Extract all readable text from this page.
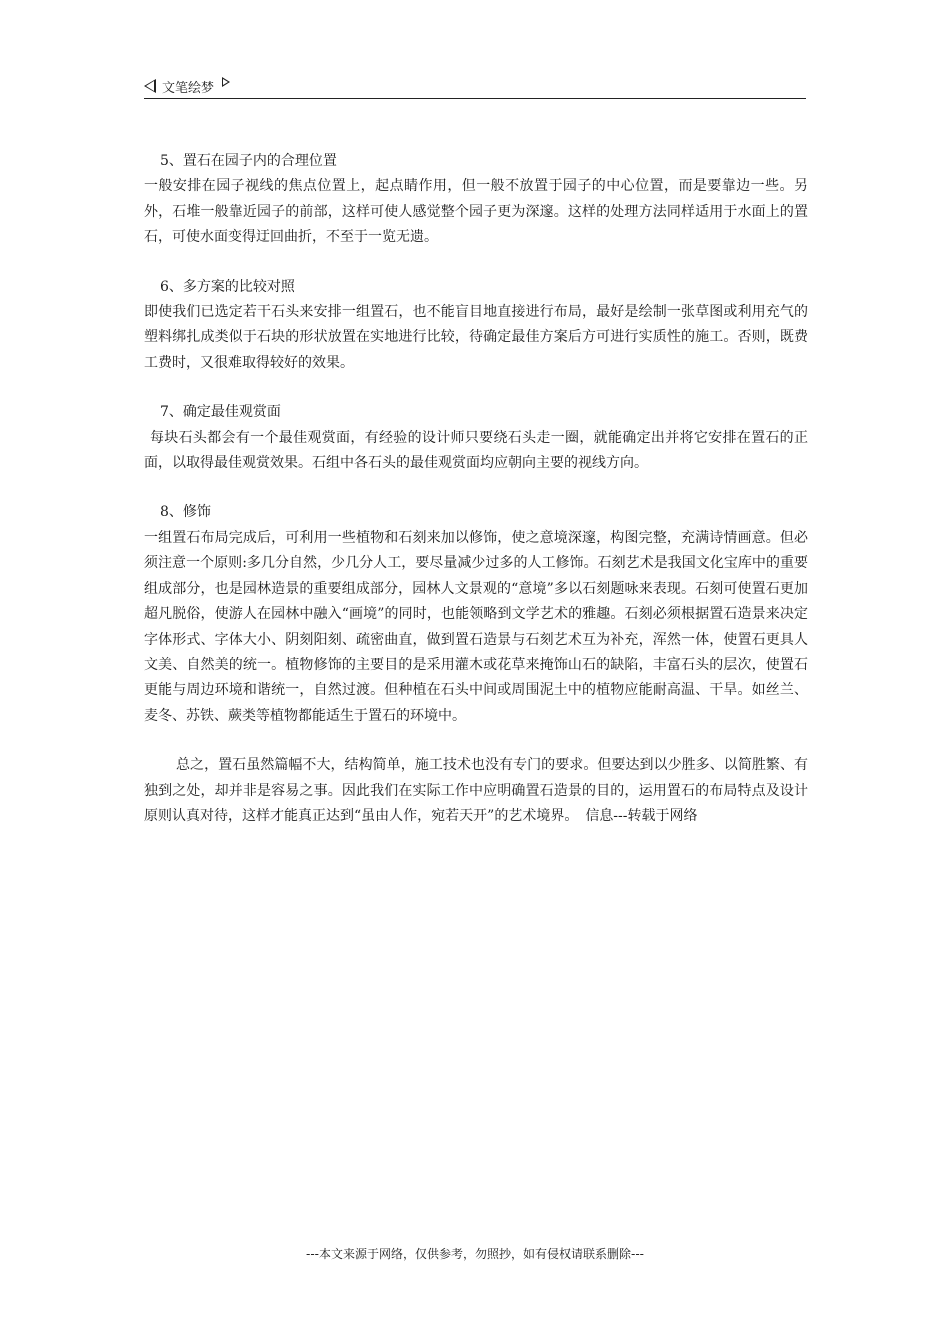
文笔绘梦
5、置石在园子内的合理位置
一般安排在园子视线的焦点位置上，起点睛作用，但一般不放置于园子的中心位置，而是要靠边一些。另外，石堆一般靠近园子的前部，这样可使人感觉整个园子更为深邃。这样的处理方法同样适用于水面上的置石，可使水面变得迂回曲折，不至于一览无遗。
6、多方案的比较对照
即使我们已选定若干石头来安排一组置石，也不能盲目地直接进行布局，最好是绘制一张草图或利用充气的塑料绑扎成类似于石块的形状放置在实地进行比较，待确定最佳方案后方可进行实质性的施工。否则，既费工费时，又很难取得较好的效果。
7、确定最佳观赏面
每块石头都会有一个最佳观赏面，有经验的设计师只要绕石头走一圈，就能确定出并将它安排在置石的正面，以取得最佳观赏效果。石组中各石头的最佳观赏面均应朝向主要的视线方向。
8、修饰
一组置石布局完成后，可利用一些植物和石刻来加以修饰，使之意境深邃，构图完整，充满诗情画意。但必须注意一个原则:多几分自然，少几分人工，要尽量减少过多的人工修饰。石刻艺术是我国文化宝库中的重要组成部分，也是园林造景的重要组成部分，园林人文景观的“意境”多以石刻题咏来表现。石刻可使置石更加超凡脱俗，使游人在园林中融入“画境”的同时，也能领略到文学艺术的雅趣。石刻必须根据置石造景来决定字体形式、字体大小、阴刻阳刻、疏密曲直，做到置石造景与石刻艺术互为补充，浑然一体，使置石更具人文美、自然美的统一。植物修饰的主要目的是采用灌木或花草来掩饰山石的缺陷，丰富石头的层次，使置石更能与周边环境和谐统一，自然过渡。但种植在石头中间或周围泥土中的植物应能耐高温、干旱。如丝兰、麦冬、苏铁、蕨类等植物都能适生于置石的环境中。
总之，置石虽然篇幅不大，结构简单，施工技术也没有专门的要求。但要达到以少胜多、以简胜繁、有独到之处，却并非是容易之事。因此我们在实际工作中应明确置石造景的目的，运用置石的布局特点及设计原则认真对待，这样才能真正达到“虽由人作，宛若天开”的艺术境界。　信息---转载于网络
---本文来源于网络，仅供参考，勿照抄，如有侵权请联系删除---
